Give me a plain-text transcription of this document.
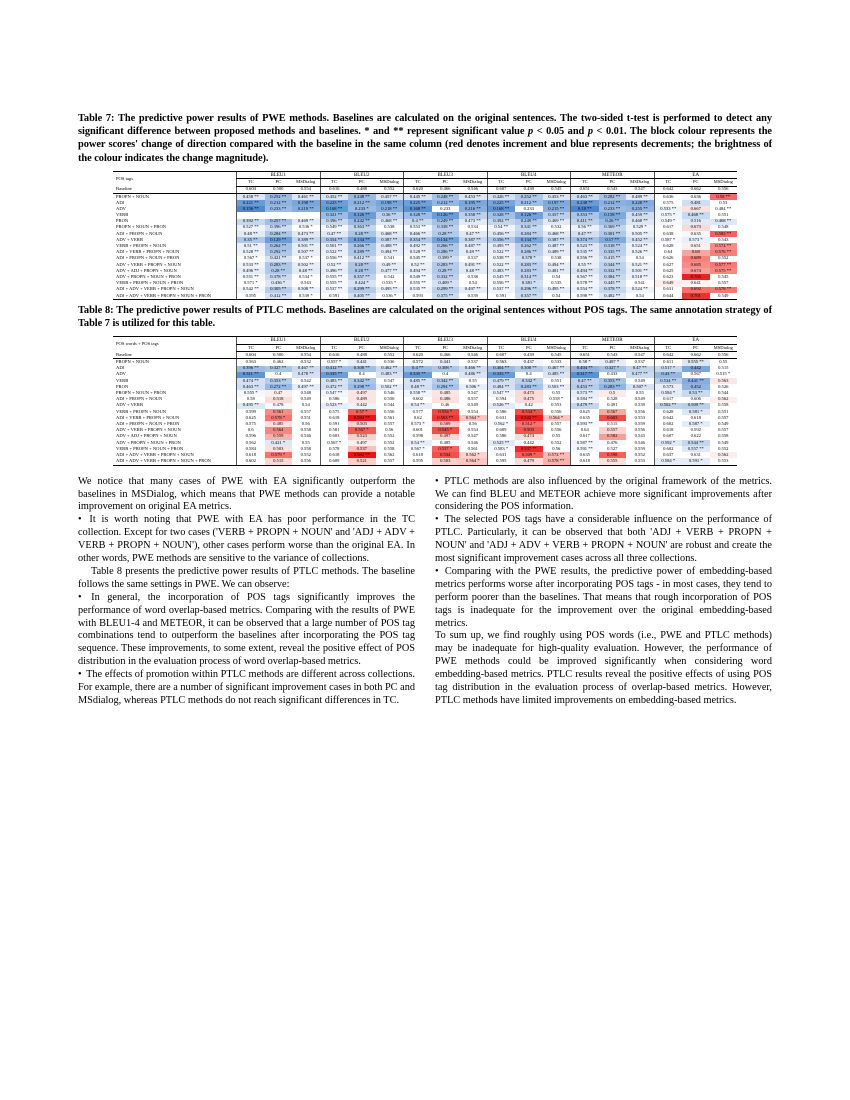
Table 7: The predictive power results of PWE methods. Baselines are calculated on the original sentences. The two-sided t-test is performed to detect any significant difference between proposed methods and baselines. * and ** represent significant value p < 0.05 and p < 0.01. The block colour represents the power scores' change of direction compared with the baseline in the same column (red denotes increment and blue represents decrements; the brightness of the colour indicates the change magnitude).

POS tags	BLEU1			BLEU2			BLEU3			BLEU4			METEOR			EA		
	TC	PC	MSDialog	TC	PC	MSDialog	TC	PC	MSDialog	TC	PC	MSDialog	TC	PC	MSDialog	TC	PC	MSDialog
Baseline	0.604	0.500	0.554	0.616	0.488	0.552	0.620	0.466	0.546	0.607	0.439	0.545	0.651	0.543	0.547	0.642	0.662	0.556
PROPN + NOUN	0.458 **	0.252 **	0.461 **	0.452 **	0.248 **	0.457 **	0.445 **	0.248 **	0.453 **	0.426 **	0.252 **	0.453 **	0.463 **	0.282 **	0.489 **	0.636	0.636	0.58 **
ADJ	0.221 **	0.212 **	0.198 **	0.225 **	0.212 **	0.198 **	0.225 **	0.212 **	0.195 **	0.225 **	0.212 **	0.197 **	0.238 **	0.212 **	0.228 **	0.575	0.481	0.53
ADV	0.156 **	0.233 **	0.219 **	0.168 **	0.233 *	0.218 **	0.168 **	0.233	0.216 **	0.168 **	0.233	0.215 **	0.18 **	0.233 **	0.255 **	0.533 **	0.667	0.484 **
VERB				0.321 **	0.126 **	0.36 **	0.328 **	0.126 **	0.358 **	0.328 **	0.126 **	0.357 **	0.353 **	0.158 **	0.459 **	0.575 *	0.468 **	0.551
PRON	0.392 **	0.257 **	0.469 **	0.396 **	0.242 **	0.468 **	0.4 **	0.249 **	0.473 **	0.392 **	0.249 **	0.469 **	0.411 **	0.26 **	0.468 **	0.549 *	0.516	0.468 **
PROPN + NOUN + PRON	0.527 **	0.396 **	0.536 *	0.549 **	0.363 **	0.538	0.553 **	0.338 **	0.534	0.54 **	0.341 **	0.532	0.56 **	0.369 **	0.529 *	0.617	0.673	0.548
ADJ + PROPN + NOUN	0.48 **	0.284 **	0.473 **	0.47 **	0.28 **	0.468 **	0.466 **	0.28 **	0.47 **	0.456 **	0.284 **	0.468 **	0.47 **	0.301 **	0.505 **	0.638	0.635	0.583 **
ADV + VERB	0.35 **	0.129 **	0.389 **	0.354 **	0.134 **	0.387 **	0.354 **	0.134 **	0.387 **	0.356 **	0.134 **	0.387 **	0.374 **	0.17 **	0.452 **	0.587 *	0.573 *	0.543
VERB + PROPN + NOUN	0.51 **	0.262 **	0.501 **	0.501 **	0.266 **	0.488 **	0.492 **	0.266 **	0.487 **	0.495 **	0.262 **	0.487 **	0.523 **	0.318 **	0.524 **	0.628	0.651	0.574 **
ADJ + VERB + PROPN + NOUN	0.528 **	0.292 **	0.507 **	0.522 **	0.289 **	0.494 **	0.528 **	0.286 **	0.49 **	0.522 **	0.286 **	0.489 **	0.535 **	0.335 **	0.526 **	0.64	0.68	0.576 **
ADJ + PROPN + NOUN + PRON	0.567 *	0.421 **	0.537 *	0.556 **	0.412 **	0.541	0.545 **	0.399 *	0.537	0.538 **	0.378 *	0.538	0.556 **	0.415 **	0.54	0.626	0.689	0.552
ADV + VERB + PROPN + NOUN	0.533 **	0.283 **	0.502 **	0.52 **	0.28 **	0.49 **	0.52 **	0.283 **	0.491 **	0.522 **	0.283 **	0.494 **	0.55 **	0.344 **	0.521 **	0.627	0.685	0.577 **
ADV + ADJ + PROPN + NOUN	0.496 **	0.28 **	0.48 **	0.496 **	0.28 **	0.477 **	0.494 **	0.28 **	0.48 **	0.483 **	0.283 **	0.481 **	0.494 **	0.332 **	0.501 **	0.625	0.674	0.575 **
ADV + PROPN + NOUN + PRON	0.551 **	0.378 **	0.534 *	0.555 **	0.357 **	0.542	0.549 **	0.332 **	0.538	0.545 **	0.314 **	0.54	0.567 **	0.384 **	0.518 **	0.623	0.705	0.545
VERB + PROPN + NOUN + PRON	0.571 *	0.436 *	0.543	0.555 **	0.424 *	0.535 *	0.555 **	0.409 *	0.54	0.556 **	0.381 *	0.535	0.578 **	0.445 **	0.541	0.649	0.641	0.557
ADJ + ADV + VERB + PROPN + NOUN	0.542 **	0.305 **	0.508 **	0.537 **	0.299 **	0.495 **	0.535 **	0.299 **	0.497 **	0.537 **	0.296 **	0.495 **	0.554 **	0.378 **	0.524 **	0.631	0.692	0.578 **
ADJ + ADV + VERB + PROPN + NOUN + PRON	0.595	0.412 **	0.539 *	0.591	0.405 **	0.536 *	0.593	0.375 **	0.539	0.591	0.357 **	0.54	0.598 **	0.482 **	0.54	0.644	0.701	0.549

Table 8: The predictive power results of PTLC methods. Baselines are calculated on the original sentences without POS tags. The same annotation strategy of Table 7 is utilized for this table.

POS words + POS tags	BLEU1			BLEU2			BLEU3			BLEU4			METEOR			EA		
	TC	PC	MSDialog	TC	PC	MSDialog	TC	PC	MSDialog	TC	PC	MSDialog	TC	PC	MSDialog	TC	PC	MSDialog
Baseline	0.604	0.500	0.554	0.616	0.488	0.552	0.620	0.466	0.546	0.607	0.439	0.545	0.651	0.543	0.547	0.642	0.662	0.556
PROPN + NOUN	0.563	0.462	0.532	0.557 *	0.441	0.536	0.572	0.441	0.537	0.563	0.437	0.533	0.58 *	0.487 *	0.537	0.611	0.555 **	0.55
ADJ	0.396 **	0.327 **	0.467 **	0.412 **	0.308 **	0.462 **	0.4 **	0.308 *	0.466 **	0.404 **	0.308 **	0.467 **	0.404 **	0.327 *	0.47 **	0.517 *	0.442	0.515
ADV	0.311 **	0.4	0.478 **	0.335 **	0.4	0.483 **	0.335 **	0.4	0.486 **	0.335 **	0.4	0.485 **	0.317 **	0.433	0.477 **	0.43 **	0.567	0.515 *
VERB	0.474 **	0.353 **	0.542	0.483 **	0.342 **	0.547	0.485 **	0.342 **	0.55	0.479 **	0.332 *	0.551	0.47 **	0.353 **	0.549	0.534 **	0.441 **	0.563
PRON	0.463 **	0.272 **	0.497 **	0.472 **	0.298 **	0.502 **	0.48 **	0.294 **	0.506 *	0.484 **	0.283 **	0.503 **	0.453 **	0.283 **	0.507 *	0.573	0.452	0.526
PROPN + NOUN + PRON	0.555 *	0.47	0.548	0.547 **	0.497	0.546	0.558 **	0.485	0.547	0.547 **	0.473	0.55	0.573 **	0.5	0.55	0.584 *	0.53 **	0.544
ADJ + PROPN + NOUN	0.58	0.518	0.549	0.586	0.489	0.556	0.602	0.486	0.557	0.594	0.475	0.558 *	0.584 **	0.528	0.549	0.617	0.606	0.562
ADV + VERB	0.495 **	0.478	0.54	0.523 **	0.442	0.544	0.54 **	0.46	0.549	0.526 **	0.42	0.553	0.479 **	0.491	0.539	0.502 **	0.509 **	0.558
VERB + PROPN + NOUN	0.599	0.561	0.557	0.575	0.57 *	0.556	0.577	0.554 *	0.554	0.586	0.534 *	0.556	0.625	0.567	0.556	0.628	0.581 *	0.551
ADJ + VERB + PROPN + NOUN	0.625	0.578 *	0.551	0.618	0.594 **	0.561	0.62	0.563 **	0.564 *	0.631	0.542 **	0.564 *	0.635	0.603	0.553	0.642	0.618	0.557
ADJ + PROPN + NOUN + PRON	0.575	0.485	0.56	0.591	0.503	0.557	0.573 *	0.509	0.56	0.562 *	0.512 *	0.557	0.593 **	0.515	0.559	0.602	0.587 *	0.549
ADV + VERB + PROPN + NOUN	0.6	0.564	0.558	0.581	0.567 *	0.56	0.601	0.545 *	0.554	0.609	0.503	0.556	0.64	0.557	0.556	0.618	0.592	0.557
ADV + ADJ + PROPN + NOUN	0.596	0.559	0.546	0.603	0.523	0.552	0.598	0.497	0.547	0.586	0.474	0.55	0.617	0.582	0.543	0.607	0.622	0.558
ADV + PROPN + NOUN + PRON	0.562	0.421 *	0.55	0.567 *	0.497	0.552	0.54 **	0.485	0.546	0.525 **	0.442	0.552	0.587 **	0.476	0.546	0.592 *	0.544 **	0.549
VERB + PROPN + NOUN + PRON	0.584	0.503	0.558	0.578	0.537	0.558	0.567 *	0.537 *	0.561	0.583 *	0.537 **	0.56	0.591 **	0.527	0.559	0.602	0.557 **	0.552
ADJ + ADV + VERB + PROPN + NOUN	0.618	0.579 *	0.552	0.618	0.582 **	0.562	0.618	0.534	0.562 *	0.631	0.509 *	0.572 **	0.635	0.598	0.552	0.637	0.631	0.562
ADJ + ADV + VERB + PROPN + NOUN + PRON	0.602	0.515	0.556	0.609	0.521	0.557	0.595	0.503	0.564 *	0.595	0.479	0.578 **	0.618	0.555	0.553	0.584 *	0.591 *	0.553

We notice that many cases of PWE with EA significantly outperform the baselines in MSDialog, which means that PWE methods can provide a notable improvement on original EA metrics.

• It is worth noting that PWE with EA has poor performance in the TC collection. Except for two cases ('VERB + PROPN + NOUN' and 'ADJ + ADV + VERB + PROPN + NOUN'), other cases perform worse than the original EA. In other words, PWE methods are sensitive to the variance of collections.

Table 8 presents the predictive power results of PTLC methods. The baseline follows the same settings in PWE. We can observe:

• In general, the incorporation of POS tags significantly improves the performance of word overlap-based metrics. Comparing with the results of PWE with BLEU1-4 and METEOR, it can be observed that a large number of POS tag combinations tend to outperform the baselines after incorporating the POS tag sequence. These improvements, to some extent, reveal the positive effect of POS distribution in the evaluation process of word overlap-based metrics.

• The effects of promotion within PTLC methods are different across collections. For example, there are a number of significant improvement cases in both PC and MSdialog, whereas PTLC methods do not reach significant differences in TC.

• PTLC methods are also influenced by the original framework of the metrics. We can find BLEU and METEOR achieve more significant improvements after considering the POS information.

• The selected POS tags have a considerable influence on the performance of PTLC. Particularly, it can be observed that both 'ADJ + VERB + PROPN + NOUN' and 'ADJ + ADV + VERB + PROPN + NOUN' are robust and create the most significant improvement cases across all three collections.

• Comparing with the PWE results, the predictive power of embedding-based metrics performs worse after incorporating POS tags - in most cases, they tend to perform poorer than the baselines. That means that rough incorporation of POS tags is inadequate for the improvement over the original embedding-based metrics.

To sum up, we find roughly using POS words (i.e., PWE and PTLC methods) may be inadequate for high-quality evaluation. However, the performance of PWE methods could be improved significantly when considering word embedding-based metrics. PTLC results reveal the positive effects of using POS tag distribution in the evaluation process of overlap-based metrics. However, PTLC methods have limited improvements on embedding-based metrics.
